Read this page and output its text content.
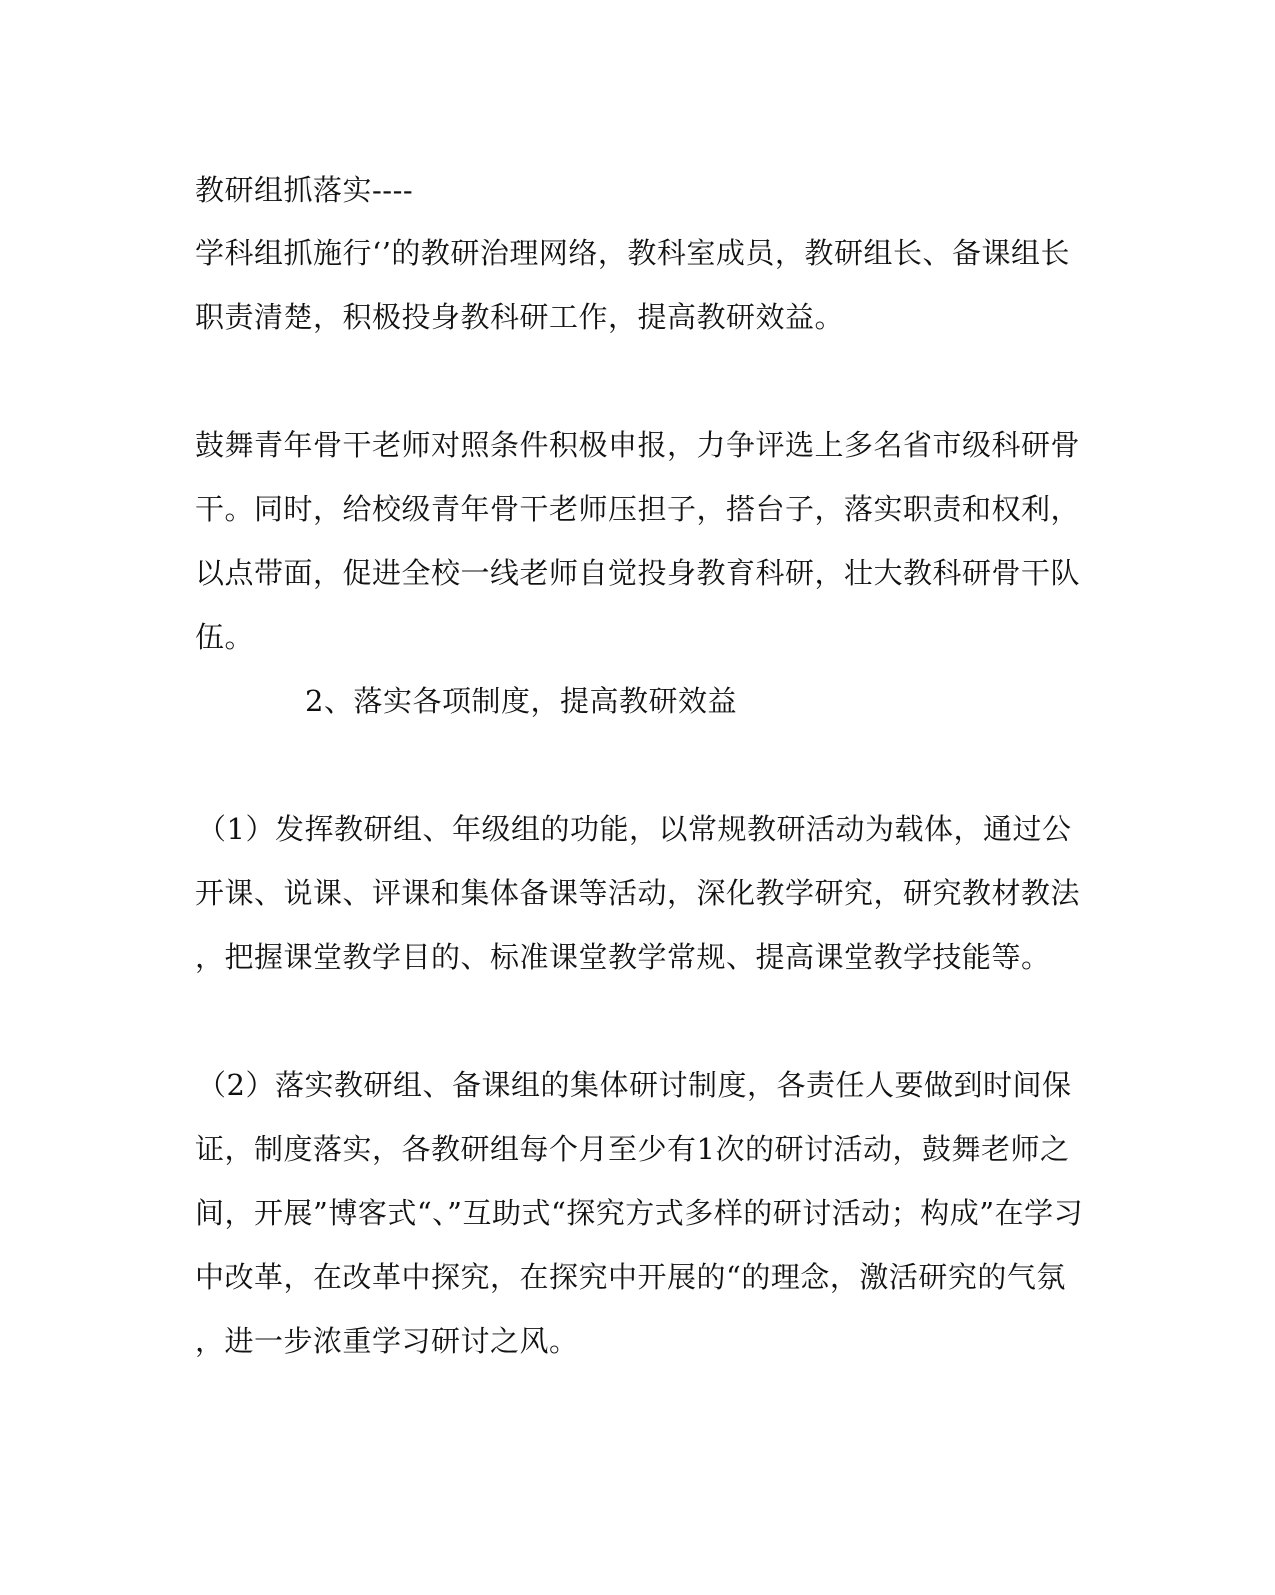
教研组抓落实----
学科组抓施行‘’的教研治理网络，教科室成员，教研组长、备课组长
职责清楚，积极投身教科研工作，提高教研效益。
鼓舞青年骨干老师对照条件积极申报，力争评选上多名省市级科研骨
干。同时，给校级青年骨干老师压担子，搭台子，落实职责和权利，
以点带面，促进全校一线老师自觉投身教育科研，壮大教科研骨干队
伍。
2、落实各项制度，提高教研效益
（1）发挥教研组、年级组的功能，以常规教研活动为载体，通过公
开课、说课、评课和集体备课等活动，深化教学研究，研究教材教法
，把握课堂教学目的、标准课堂教学常规、提高课堂教学技能等。
（2）落实教研组、备课组的集体研讨制度，各责任人要做到时间保
证，制度落实，各教研组每个月至少有1次的研讨活动，鼓舞老师之
间，开展”博客式“、”互助式“探究方式多样的研讨活动；构成”在学习
中改革，在改革中探究，在探究中开展的“的理念，激活研究的气氛
，进一步浓重学习研讨之风。
